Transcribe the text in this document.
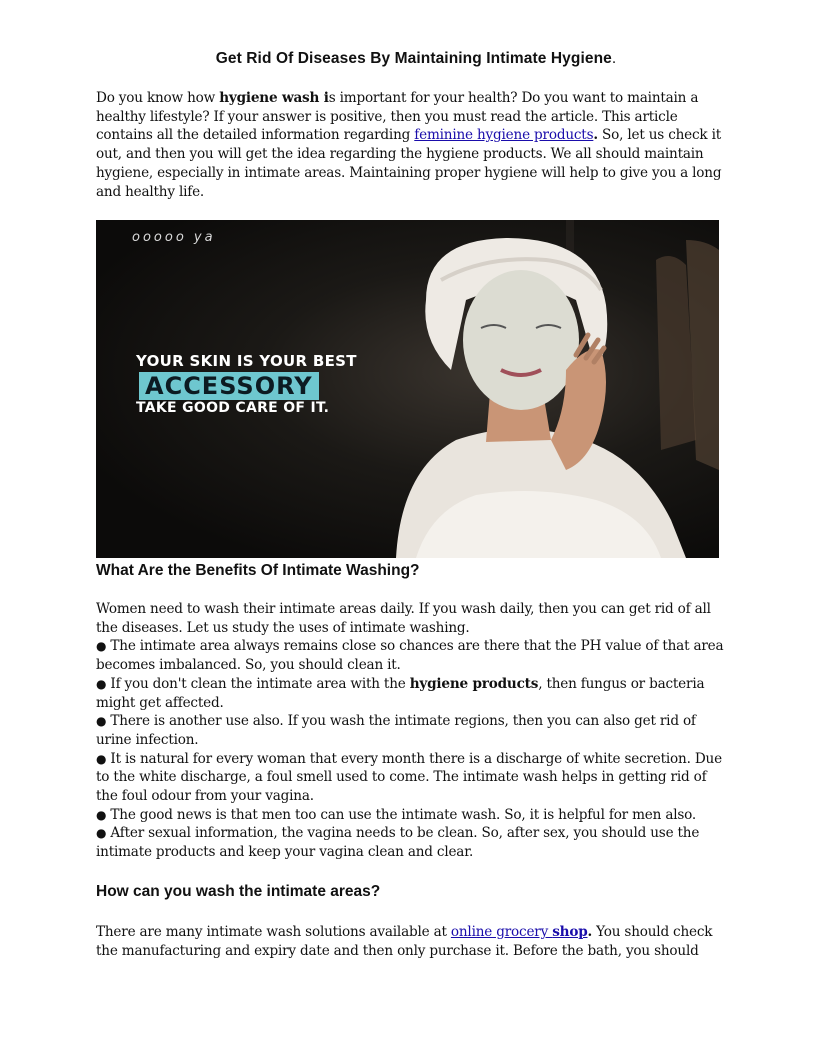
Get Rid Of Diseases By Maintaining Intimate Hygiene.

Do you know how hygiene wash is important for your health? Do you want to maintain a healthy lifestyle? If your answer is positive, then you must read the article. This article contains all the detailed information regarding feminine hygiene products. So, let us check it out, and then you will get the idea regarding the hygiene products. We all should maintain hygiene, especially in intimate areas. Maintaining proper hygiene will help to give you a long and healthy life.

ooooo ya
YOUR SKIN IS YOUR BEST
ACCESSORY
TAKE GOOD CARE OF IT.
What Are the Benefits Of Intimate Washing?
Women need to wash their intimate areas daily. If you wash daily, then you can get rid of all the diseases. Let us study the uses of intimate washing.
● The intimate area always remains close so chances are there that the PH value of that area becomes imbalanced. So, you should clean it.
● If you don't clean the intimate area with the hygiene products, then fungus or bacteria might get affected.
● There is another use also. If you wash the intimate regions, then you can also get rid of urine infection.
● It is natural for every woman that every month there is a discharge of white secretion. Due to the white discharge, a foul smell used to come. The intimate wash helps in getting rid of the foul odour from your vagina.
● The good news is that men too can use the intimate wash. So, it is helpful for men also.
● After sexual information, the vagina needs to be clean. So, after sex, you should use the intimate products and keep your vagina clean and clear.
How can you wash the intimate areas?

There are many intimate wash solutions available at online grocery shop. You should check the manufacturing and expiry date and then only purchase it. Before the bath, you should
